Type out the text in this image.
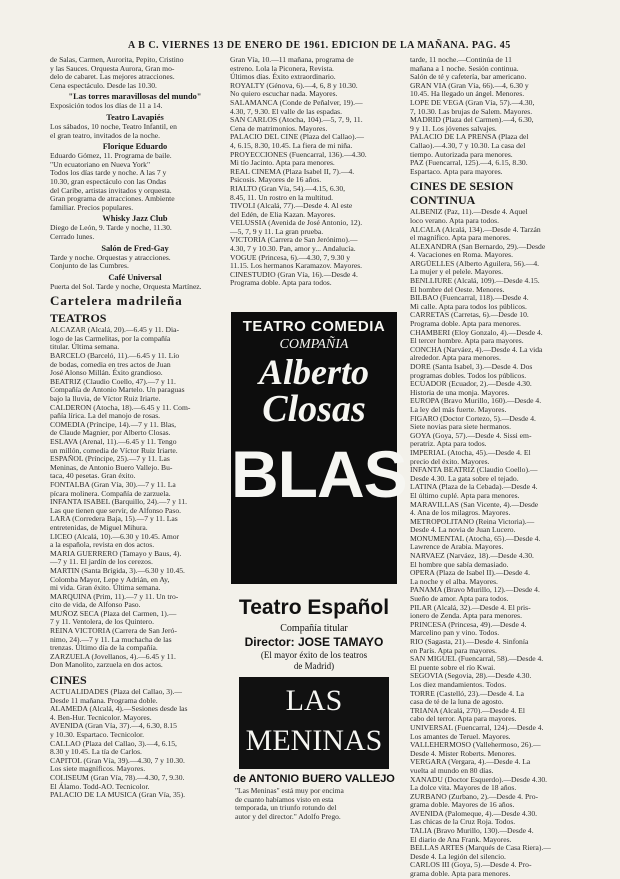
A B C. VIERNES 13 DE ENERO DE 1961. EDICION DE LA MAÑANA. PAG. 45
de Salas, Carmen, Aurorita, Pepito, Cristino
y las Sauces. Orquesta Aurora, Gran mo-
delo de cabaret. Las mejores atracciones.
Cena espectáculo. Desde las 10.30.
"Las torres maravillosas del mundo"
Exposición todos los días de 11 a 14.
Teatro Lavapiés
Los sábados, 10 noche, Teatro Infantil, en
el gran teatro, invitados de la noche.
Florique Eduardo
Eduardo Gómez, 11. Programa de baile.
"Un ecuatoriano en Nueva York"
Todos los días tarde y noche. A las 7 y
10.30, gran espectáculo con las Ondas
del Caribe, artistas invitados y orquesta.
Gran programa de atracciones. Ambiente
familiar. Precios populares.
Whisky Jazz Club
Diego de León, 9. Tarde y noche, 11.30.
Cerrado lunes.
Salón de Fred-Gay
Tarde y noche. Orquestas y atracciones.
Conjunto de las Cumbres.
Café Universal
Puerta del Sol. Tarde y noche, Orquesta Martínez.
Cartelera madrileña
TEATROS
ALCAZAR (Alcalá, 20).—6.45 y 11. Dia-
logo de las Carmelitas, por la compañía
titular. Última semana.
BARCELO (Barceló, 11).—6.45 y 11. Lío
de bodas, comedia en tres actos de Juan
José Alonso Millán. Éxito grandioso.
BEATRIZ (Claudio Coello, 47).—7 y 11.
Compañía de Antonio Martelo. Un paraguas
bajo la lluvia, de Víctor Ruiz Iriarte.
CALDERON (Atocha, 18).—6.45 y 11. Com-
pañía lírica. La del manojo de rosas.
COMEDIA (Príncipe, 14).—7 y 11. Blas,
de Claude Magnier, por Alberto Closas.
ESLAVA (Arenal, 11).—6.45 y 11. Tengo
un millón, comedia de Víctor Ruiz Iriarte.
ESPAÑOL (Príncipe, 25).—7 y 11. Las
Meninas, de Antonio Buero Vallejo. Bu-
taca, 40 pesetas. Gran éxito.
FONTALBA (Gran Vía, 30).—7 y 11. La
pícara molinera. Compañía de zarzuela.
INFANTA ISABEL (Barquillo, 24).—7 y 11.
Las que tienen que servir, de Alfonso Paso.
LARA (Corredera Baja, 15).—7 y 11. Las
entretenidas, de Miguel Mihura.
LICEO (Alcalá, 10).—6.30 y 10.45. Amor
a la española, revista en dos actos.
MARIA GUERRERO (Tamayo y Baus, 4).
—7 y 11. El jardín de los cerezos.
MARTIN (Santa Brígida, 3).—6.30 y 10.45.
Colomba Mayor, Lepe y Adrián, en Ay,
mi vida. Gran éxito. Última semana.
MARQUINA (Prim, 11).—7 y 11. Un tro-
cito de vida, de Alfonso Paso.
MUÑOZ SECA (Plaza del Carmen, 1).—
7 y 11. Ventolera, de los Quintero.
REINA VICTORIA (Carrera de San Jeró-
nimo, 24).—7 y 11. La muchacha de las
trenzas. Último día de la compañía.
ZARZUELA (Jovellanos, 4).—6.45 y 11.
Don Manolito, zarzuela en dos actos.
CINES
ACTUALIDADES (Plaza del Callao, 3).—
Desde 11 mañana. Programa doble.
ALAMEDA (Alcalá, 4).—Sesiones desde las
4. Ben-Hur. Tecnicolor. Mayores.
AVENIDA (Gran Vía, 37).—4, 6.30, 8.15
y 10.30. Espartaco. Tecnicolor.
CALLAO (Plaza del Callao, 3).—4, 6.15,
8.30 y 10.45. La tía de Carlos.
CAPITOL (Gran Vía, 39).—4.30, 7 y 10.30.
Los siete magníficos. Mayores.
COLISEUM (Gran Vía, 78).—4.30, 7, 9.30.
El Álamo. Todd-AO. Tecnicolor.
PALACIO DE LA MUSICA (Gran Vía, 35).
Gran Vía, 10.—11 mañana, programa de
estreno. Lola la Piconera, Revista.
Últimos días. Éxito extraordinario.
ROYALTY (Génova, 6).—4, 6, 8 y 10.30.
No quiero escuchar nada. Mayores.
SALAMANCA (Conde de Peñalver, 19).—
4.30, 7, 9.30. El valle de las espadas.
SAN CARLOS (Atocha, 104).—5, 7, 9, 11.
Cena de matrimonios. Mayores.
PALACIO DEL CINE (Plaza del Callao).—
4, 6.15, 8.30, 10.45. La fiera de mi niña.
PROYECCIONES (Fuencarral, 136).—4.30.
Mi tío Jacinto. Apta para menores.
REAL CINEMA (Plaza Isabel II, 7).—4.
Psicosis. Mayores de 16 años.
RIALTO (Gran Vía, 54).—4.15, 6.30,
8.45, 11. Un rostro en la multitud.
TIVOLI (Alcalá, 77).—Desde 4. Al este
del Edén, de Elia Kazan. Mayores.
VELUSSIA (Avenida de José Antonio, 12).
—5, 7, 9 y 11. La gran prueba.
VICTORIA (Carrera de San Jerónimo).—
4.30, 7 y 10.30. Pan, amor y... Andalucía.
VOGUE (Princesa, 6).—4.30, 7, 9.30 y
11.15. Los hermanos Karamazov. Mayores.
CINESTUDIO (Gran Vía, 16).—Desde 4.
Programa doble. Apta para todos.
TEATRO COMEDIA
COMPAÑIA
Alberto
Closas
BLAS
Teatro Español
Compañía titular
Director: JOSE TAMAYO
(El mayor éxito de los teatros
de Madrid)
LAS
MENINAS
de ANTONIO BUERO VALLEJO
"Las Meninas" está muy por encima
de cuanto habíamos visto en esta
temporada, un triunfo rotundo del
autor y del director." Adolfo Prego.
tarde, 11 noche.—Continúa de 11
mañana a 1 noche. Sesión continua.
Salón de té y cafetería, bar americano.
GRAN VIA (Gran Vía, 66).—4, 6.30 y
10.45. Ha llegado un ángel. Menores.
LOPE DE VEGA (Gran Vía, 57).—4.30,
7, 10.30. Las brujas de Salem. Mayores.
MADRID (Plaza del Carmen).—4, 6.30,
9 y 11. Los jóvenes salvajes.
PALACIO DE LA PRENSA (Plaza del
Callao).—4.30, 7 y 10.30. La casa del
tiempo. Autorizada para menores.
PAZ (Fuencarral, 125).—4, 6.15, 8.30.
Espartaco. Apta para mayores.
CINES DE SESION CONTINUA
ALBENIZ (Paz, 11).—Desde 4. Aquel
loco verano. Apta para todos.
ALCALA (Alcalá, 134).—Desde 4. Tarzán
el magnífico. Apta para menores.
ALEXANDRA (San Bernardo, 29).—Desde
4. Vacaciones en Roma. Mayores.
ARGÜELLES (Alberto Aguilera, 56).—4.
La mujer y el pelele. Mayores.
BENLLIURE (Alcalá, 109).—Desde 4.15.
El hombre del Oeste. Menores.
BILBAO (Fuencarral, 118).—Desde 4.
Mi calle. Apta para todos los públicos.
CARRETAS (Carretas, 6).—Desde 10.
Programa doble. Apta para menores.
CHAMBERI (Eloy Gonzalo, 4).—Desde 4.
El tercer hombre. Apta para mayores.
CONCHA (Narváez, 4).—Desde 4. La vida
alrededor. Apta para menores.
DORE (Santa Isabel, 3).—Desde 4. Dos
programas dobles. Todos los públicos.
ECUADOR (Ecuador, 2).—Desde 4.30.
Historia de una monja. Mayores.
EUROPA (Bravo Murillo, 160).—Desde 4.
La ley del más fuerte. Mayores.
FIGARO (Doctor Cortezo, 5).—Desde 4.
Siete novias para siete hermanos.
GOYA (Goya, 57).—Desde 4. Sissi em-
peratriz. Apta para todos.
IMPERIAL (Atocha, 45).—Desde 4. El
precio del éxito. Mayores.
INFANTA BEATRIZ (Claudio Coello).—
Desde 4.30. La gata sobre el tejado.
LATINA (Plaza de la Cebada).—Desde 4.
El último cuplé. Apta para menores.
MARAVILLAS (San Vicente, 4).—Desde
4. Ana de los milagros. Mayores.
METROPOLITANO (Reina Victoria).—
Desde 4. La novia de Juan Lucero.
MONUMENTAL (Atocha, 65).—Desde 4.
Lawrence de Arabia. Mayores.
NARVAEZ (Narváez, 18).—Desde 4.30.
El hombre que sabía demasiado.
OPERA (Plaza de Isabel II).—Desde 4.
La noche y el alba. Mayores.
PANAMA (Bravo Murillo, 12).—Desde 4.
Sueño de amor. Apta para todos.
PILAR (Alcalá, 32).—Desde 4. El pris-
ionero de Zenda. Apta para menores.
PRINCESA (Princesa, 49).—Desde 4.
Marcelino pan y vino. Todos.
RIO (Sagasta, 21).—Desde 4. Sinfonía
en París. Apta para mayores.
SAN MIGUEL (Fuencarral, 58).—Desde 4.
El puente sobre el río Kwai.
SEGOVIA (Segovia, 28).—Desde 4.30.
Los diez mandamientos. Todos.
TORRE (Castelló, 23).—Desde 4. La
casa de té de la luna de agosto.
TRIANA (Alcalá, 270).—Desde 4. El
cabo del terror. Apta para mayores.
UNIVERSAL (Fuencarral, 124).—Desde 4.
Los amantes de Teruel. Mayores.
VALLEHERMOSO (Vallehermoso, 26).—
Desde 4. Mister Roberts. Menores.
VERGARA (Vergara, 4).—Desde 4. La
vuelta al mundo en 80 días.
XANADU (Doctor Esquerdo).—Desde 4.30.
La dolce vita. Mayores de 18 años.
ZURBANO (Zurbano, 2).—Desde 4. Pro-
grama doble. Mayores de 16 años.
AVENIDA (Palomeque, 4).—Desde 4.30.
Las chicas de la Cruz Roja. Todos.
TALIA (Bravo Murillo, 130).—Desde 4.
El diario de Ana Frank. Mayores.
BELLAS ARTES (Marqués de Casa Riera).—
Desde 4. La legión del silencio.
CARLOS III (Goya, 5).—Desde 4. Pro-
grama doble. Apta para menores.
